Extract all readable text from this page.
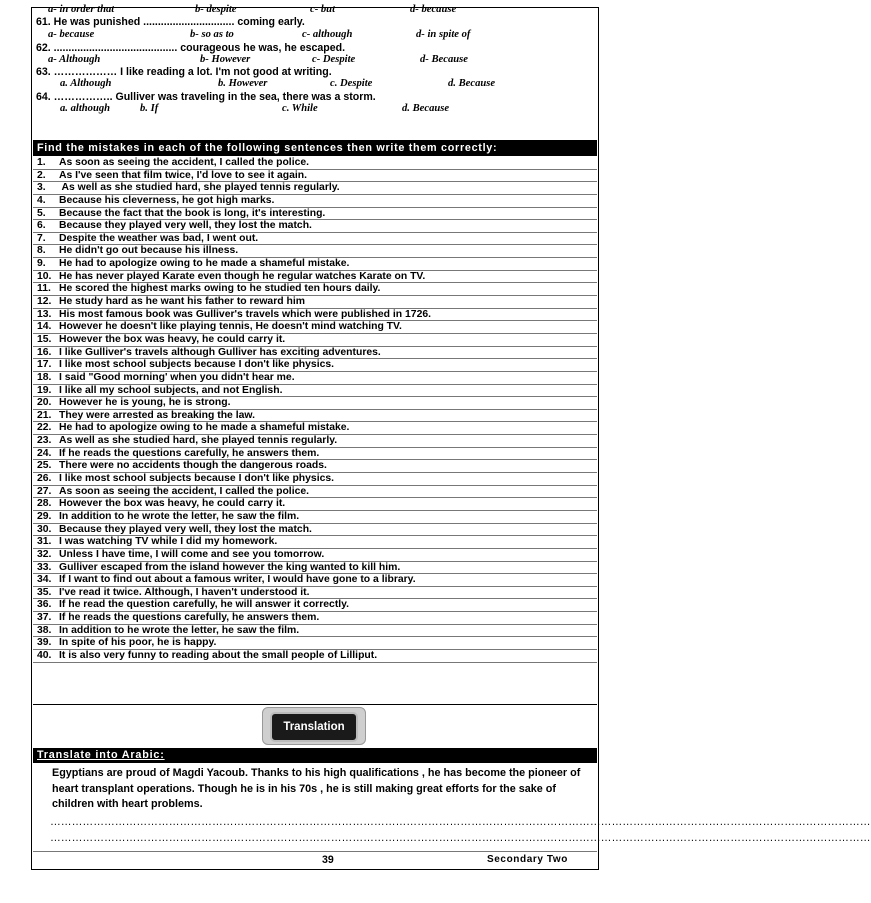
a- in order that	b- despite	c- but	d- because
61. He was punished ............................... coming early.
a- because	b- so as to	c- although	d- in spite of
62. .......................................... courageous he was, he escaped.
a- Although	b- However	c- Despite	d- Because
63. ……………… I like reading a lot. I'm not good at writing.
a. Although	b. However	c. Despite	d. Because
64. …………….. Gulliver was traveling in the sea, there was a storm.
a. although	b. If	c. While	d. Because
Find the mistakes in each of the following sentences then write them correctly:
1. As soon as seeing the accident, I called the police.
2. As I've seen that film twice, I'd love to see it again.
3. As well as she studied hard, she played tennis regularly.
4. Because his cleverness, he got high marks.
5. Because the fact that the book is long, it's interesting.
6. Because they played very well, they lost the match.
7. Despite the weather was bad, I went out.
8. He didn't go out because his illness.
9. He had to apologize owing to he made a shameful mistake.
10. He has never played Karate even though he regular watches Karate on TV.
11. He scored the highest marks owing to he studied ten hours daily.
12. He study hard as he want his father to reward him
13. His most famous book was Gulliver's travels which were published in 1726.
14. However he doesn't like playing tennis, He doesn't mind watching TV.
15. However the box was heavy, he could carry it.
16. I like Gulliver's travels although Gulliver has exciting adventures.
17. I like most school subjects because I don't like physics.
18. I said "Good morning' when you didn't hear me.
19. I like all my school subjects, and not English.
20. However he is young, he is strong.
21. They were arrested as breaking the law.
22. He had to apologize owing to he made a shameful mistake.
23. As well as she studied hard, she played tennis regularly.
24. If he reads the questions carefully, he answers them.
25. There were no accidents though the dangerous roads.
26. I like most school subjects because I don't like physics.
27. As soon as seeing the accident, I called the police.
28. However the box was heavy, he could carry it.
29. In addition to he wrote the letter, he saw the film.
30. Because they played very well, they lost the match.
31. I was watching TV while I did my homework.
32. Unless I have time, I will come and see you tomorrow.
33. Gulliver escaped from the island however the king wanted to kill him.
34. If I want to find out about a famous writer, I would have gone to a library.
35. I've read it twice. Although, I haven't understood it.
36. If he read the question carefully, he will answer it correctly.
37. If he reads the questions carefully, he answers them.
38. In addition to he wrote the letter, he saw the film.
39. In spite of his poor, he is happy.
40. It is also very funny to reading about the small people of Lilliput.
Translation
Translate into Arabic:
Egyptians are proud of Magdi Yacoub. Thanks to his high qualifications , he has become the pioneer of heart transplant operations. Though he is in his 70s , he is still making great efforts for the sake of children with heart problems.
…………………………………………………………………………………………………………………………………………………………………………………………………………
…………………………………………………………………………………………………………………………………………………………………………………………………………
39	Secondary Two
